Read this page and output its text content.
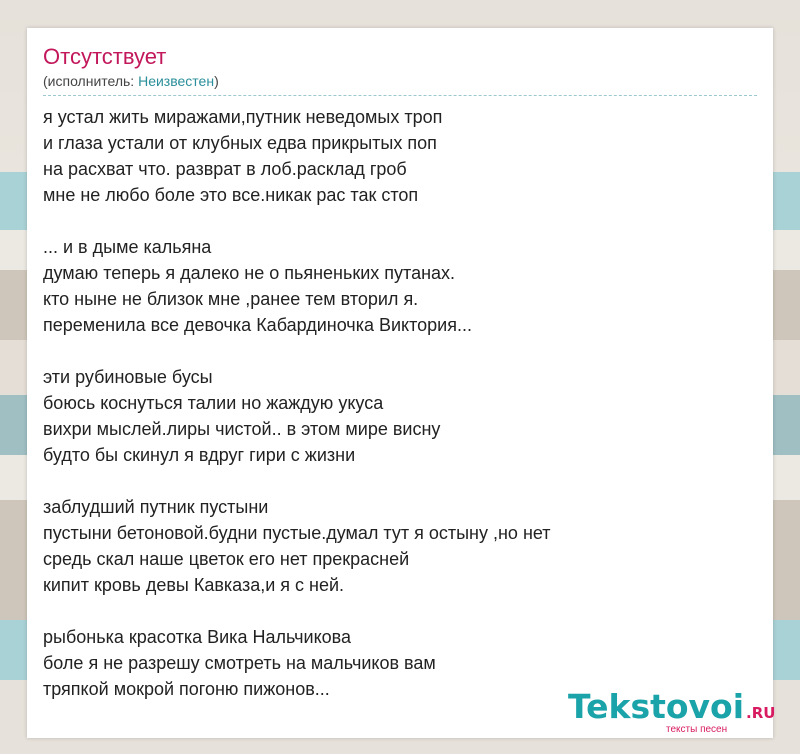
Отсутствует
(исполнитель: Неизвестен)
я устал жить миражами,путник неведомых троп
и глаза устали от клубных едва прикрытых поп
на расхват что. разврат в лоб.расклад гроб
мне не любо боле это все.никак рас так стоп
... и в дыме кальяна
думаю теперь я далеко не о пьяненьких путанах.
кто ныне не близок мне ,ранее тем вторил я.
переменила все девочка Кабардиночка Виктория...
эти рубиновые бусы
боюсь коснуться талии но жаждую укуса
вихри мыслей.лиры чистой.. в этом мире висну
будто бы скинул я вдруг гири с жизни
заблудший путник пустыни
пустыни бетоновой.будни пустые.думал тут я остыну ,но нет
средь скал наше цветок его нет прекрасней
кипит кровь девы Кавказа,и я с ней.
рыбонька красотка Вика Нальчикова
боле я не разрешу смотреть на мальчиков вам
тряпкой мокрой погоню пижонов...	Tekstovoi .RU
тексты песен
